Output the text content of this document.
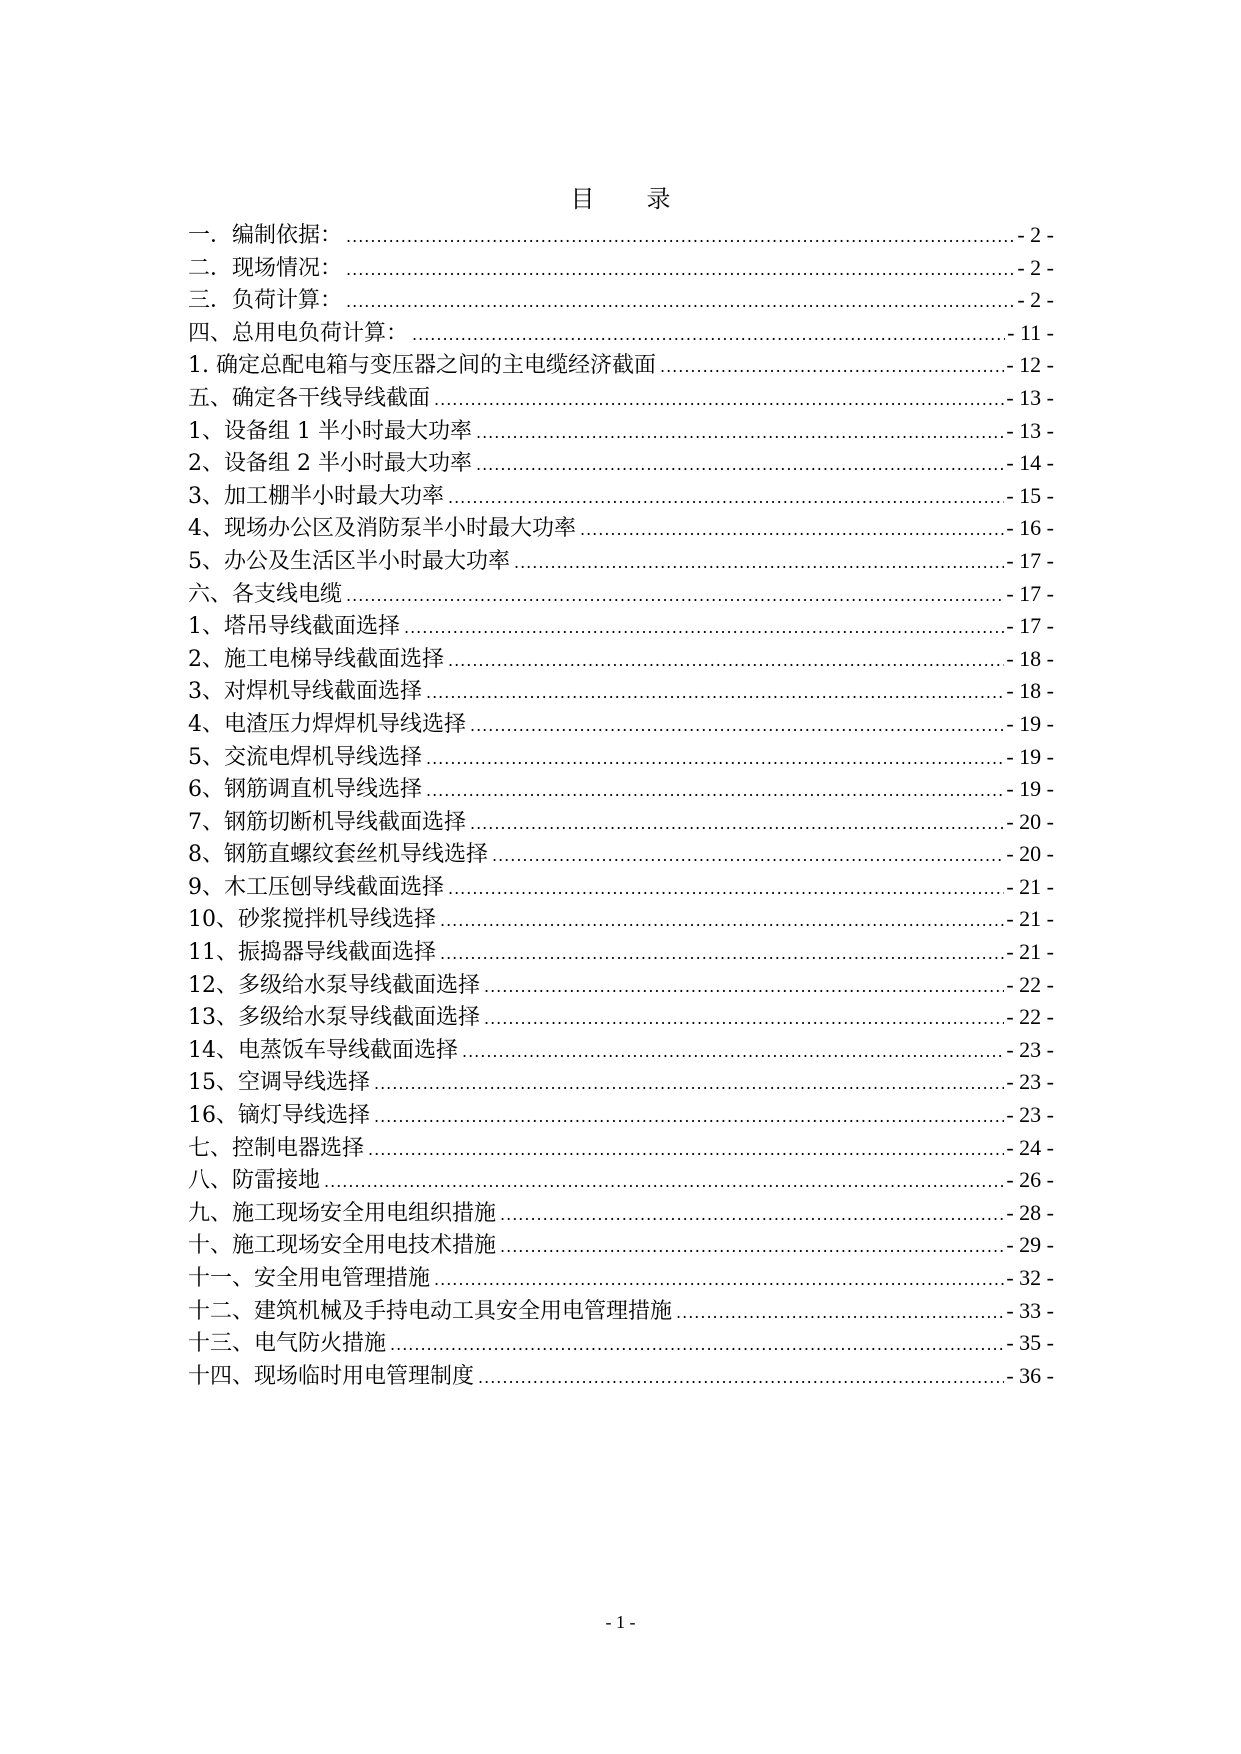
目录
一．编制依据： .....	- 2 -
二．现场情况： .....	- 2 -
三．负荷计算： .....	- 2 -
四、总用电负荷计算： .....	- 11 -
1. 确定总配电箱与变压器之间的主电缆经济截面 .....	- 12 -
五、确定各干线导线截面 .....	- 13 -
1、设备组 1 半小时最大功率 .....	- 13 -
2、设备组 2 半小时最大功率 .....	- 14 -
3、加工棚半小时最大功率 .....	- 15 -
4、现场办公区及消防泵半小时最大功率 .....	- 16 -
5、办公及生活区半小时最大功率 .....	- 17 -
六、各支线电缆 .....	- 17 -
1、塔吊导线截面选择 .....	- 17 -
2、施工电梯导线截面选择 .....	- 18 -
3、对焊机导线截面选择 .....	- 18 -
4、电渣压力焊焊机导线选择 .....	- 19 -
5、交流电焊机导线选择 .....	- 19 -
6、钢筋调直机导线选择 .....	- 19 -
7、钢筋切断机导线截面选择 .....	- 20 -
8、钢筋直螺纹套丝机导线选择 .....	- 20 -
9、木工压刨导线截面选择 .....	- 21 -
10、砂浆搅拌机导线选择 .....	- 21 -
11、振捣器导线截面选择 .....	- 21 -
12、多级给水泵导线截面选择 .....	- 22 -
13、多级给水泵导线截面选择 .....	- 22 -
14、电蒸饭车导线截面选择 .....	- 23 -
15、空调导线选择 .....	- 23 -
16、镝灯导线选择 .....	- 23 -
七、控制电器选择 .....	- 24 -
八、防雷接地 .....	- 26 -
九、施工现场安全用电组织措施 .....	- 28 -
十、施工现场安全用电技术措施 .....	- 29 -
十一、安全用电管理措施 .....	- 32 -
十二、建筑机械及手持电动工具安全用电管理措施 .....	- 33 -
十三、电气防火措施 .....	- 35 -
十四、现场临时用电管理制度 .....	- 36 -
- 1 -
